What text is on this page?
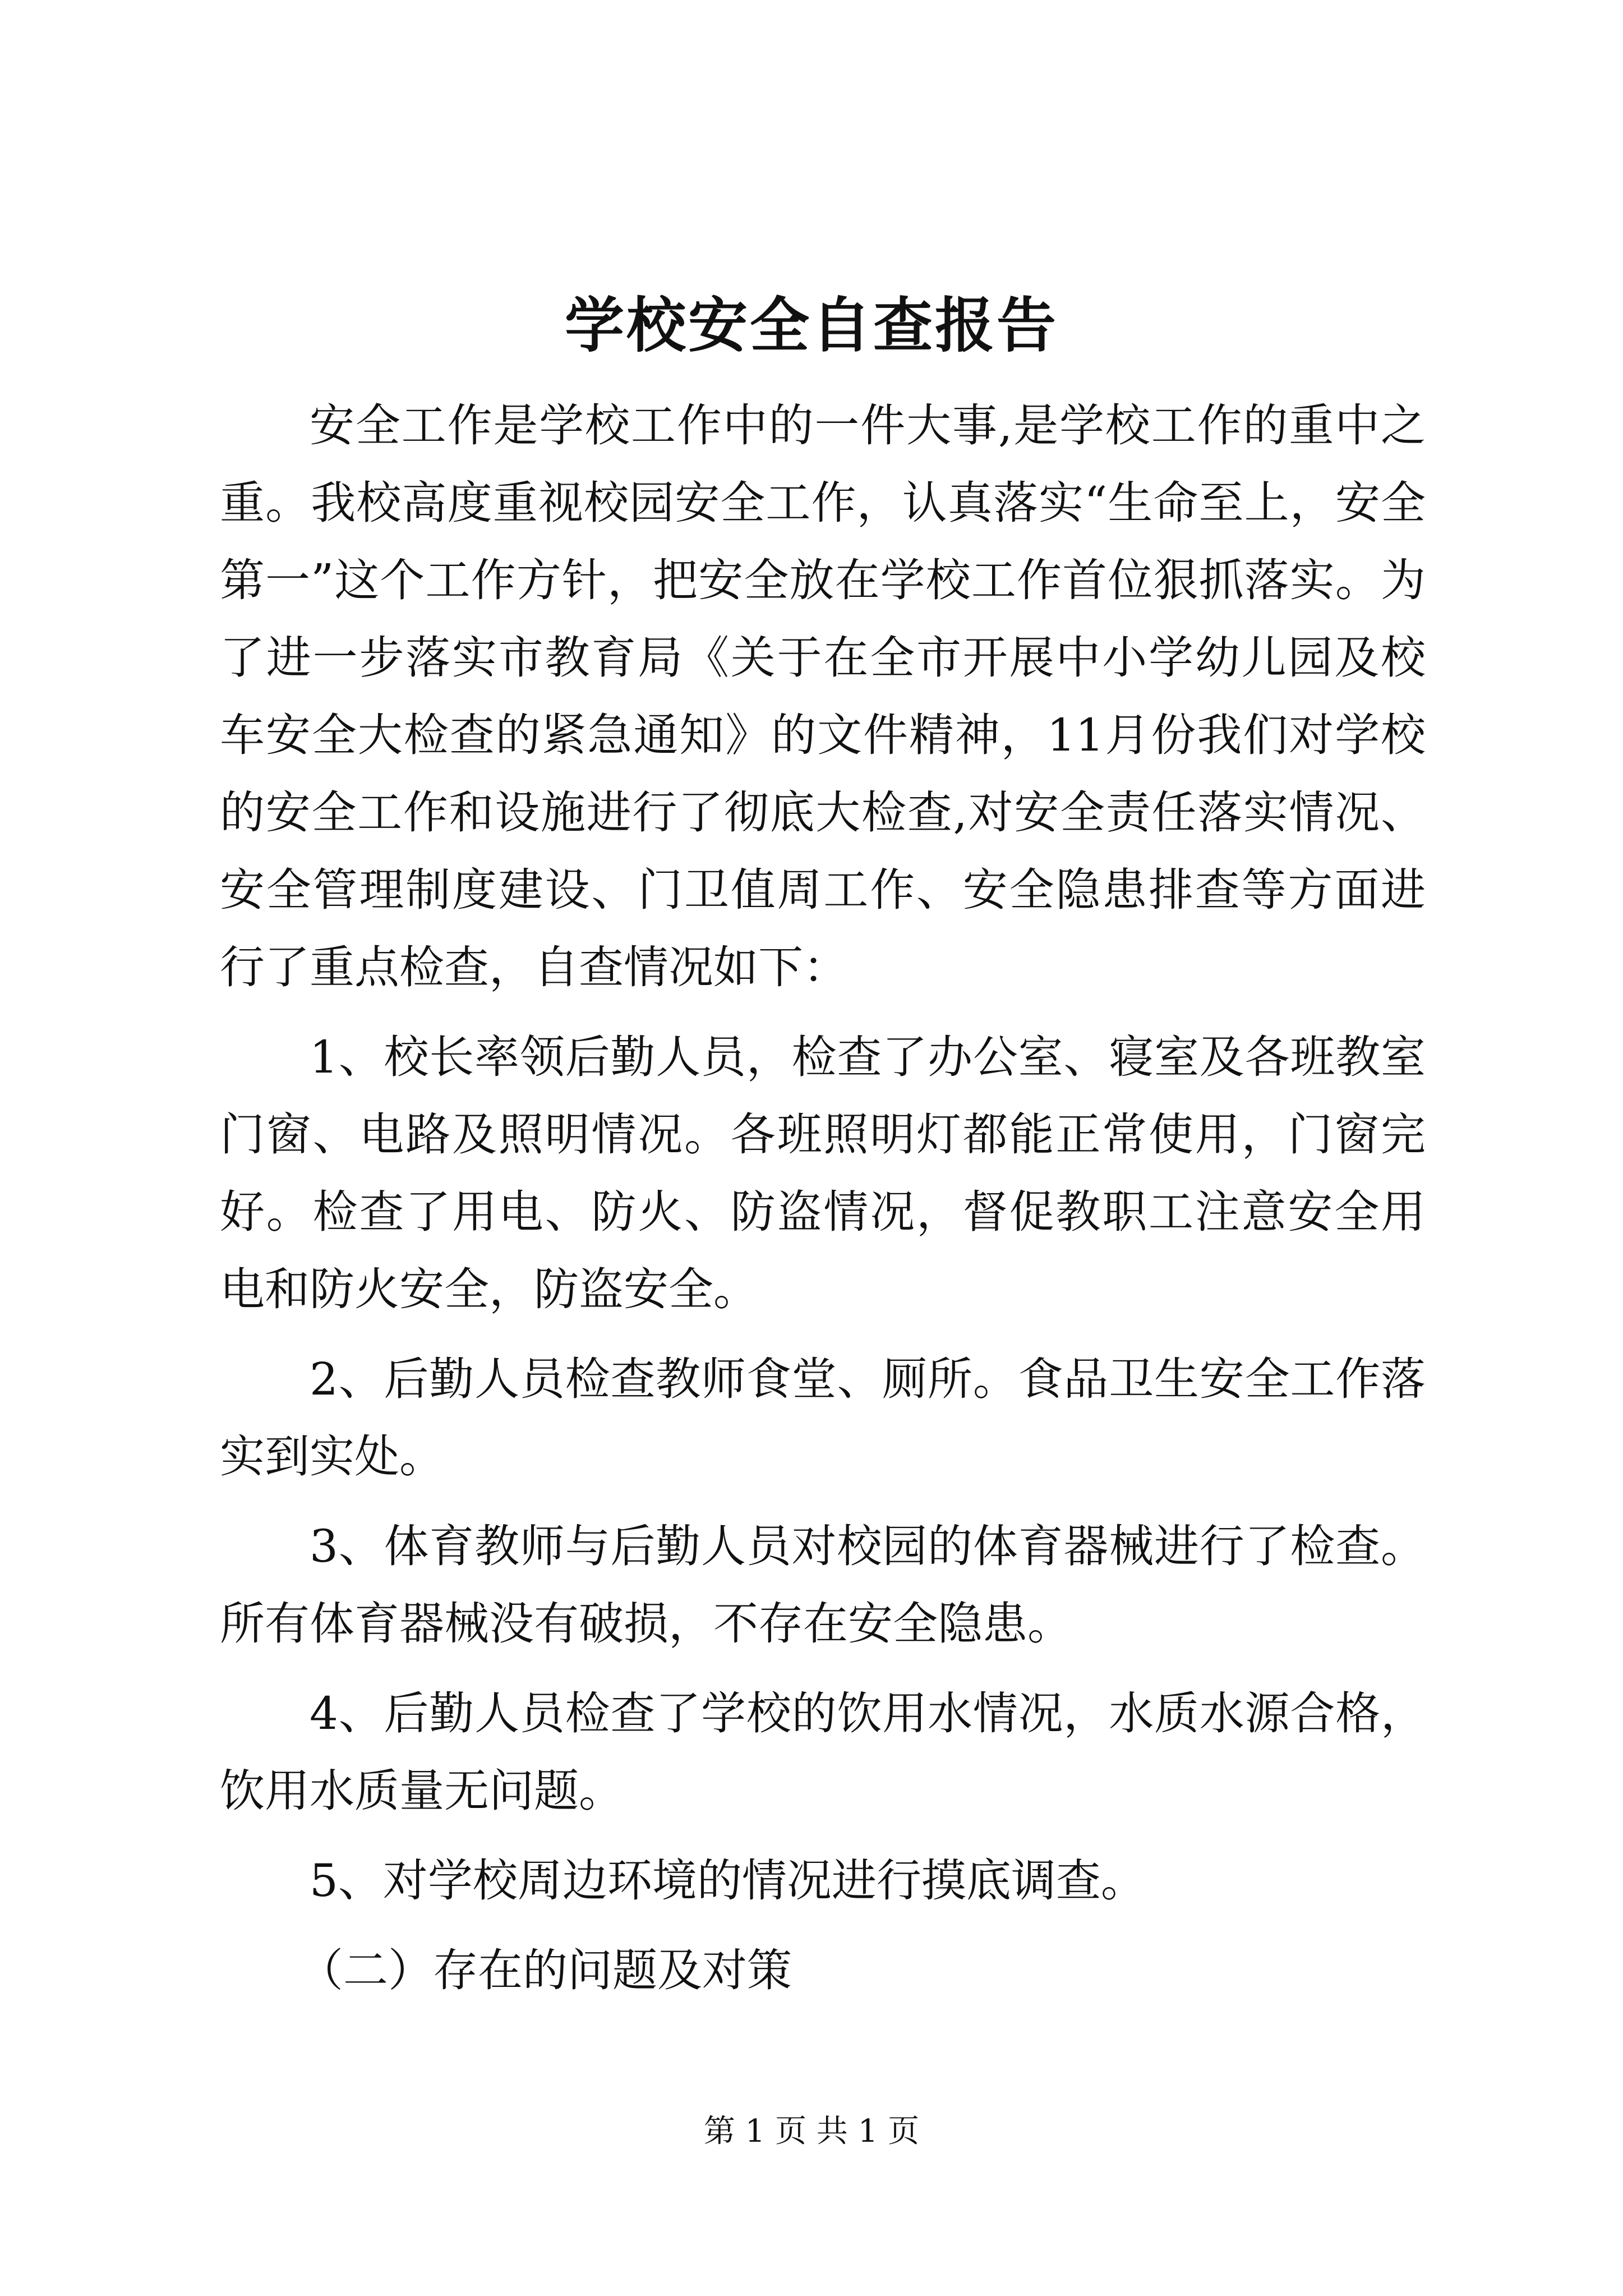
学校安全自查报告

安全工作是学校工作中的一件大事,是学校工作的重中之重。我校高度重视校园安全工作，认真落实“生命至上，安全第一”这个工作方针，把安全放在学校工作首位狠抓落实。为了进一步落实市教育局《关于在全市开展中小学幼儿园及校车安全大检查的紧急通知》的文件精神，11月份我们对学校的安全工作和设施进行了彻底大检查,对安全责任落实情况、安全管理制度建设、门卫值周工作、安全隐患排查等方面进行了重点检查，自查情况如下：

1、校长率领后勤人员，检查了办公室、寝室及各班教室门窗、电路及照明情况。各班照明灯都能正常使用，门窗完好。检查了用电、防火、防盗情况，督促教职工注意安全用电和防火安全，防盗安全。

2、后勤人员检查教师食堂、厕所。食品卫生安全工作落实到实处。

3、体育教师与后勤人员对校园的体育器械进行了检查。所有体育器械没有破损，不存在安全隐患。

4、后勤人员检查了学校的饮用水情况，水质水源合格，饮用水质量无问题。

5、对学校周边环境的情况进行摸底调查。

（二）存在的问题及对策

第 1 页 共 1 页
